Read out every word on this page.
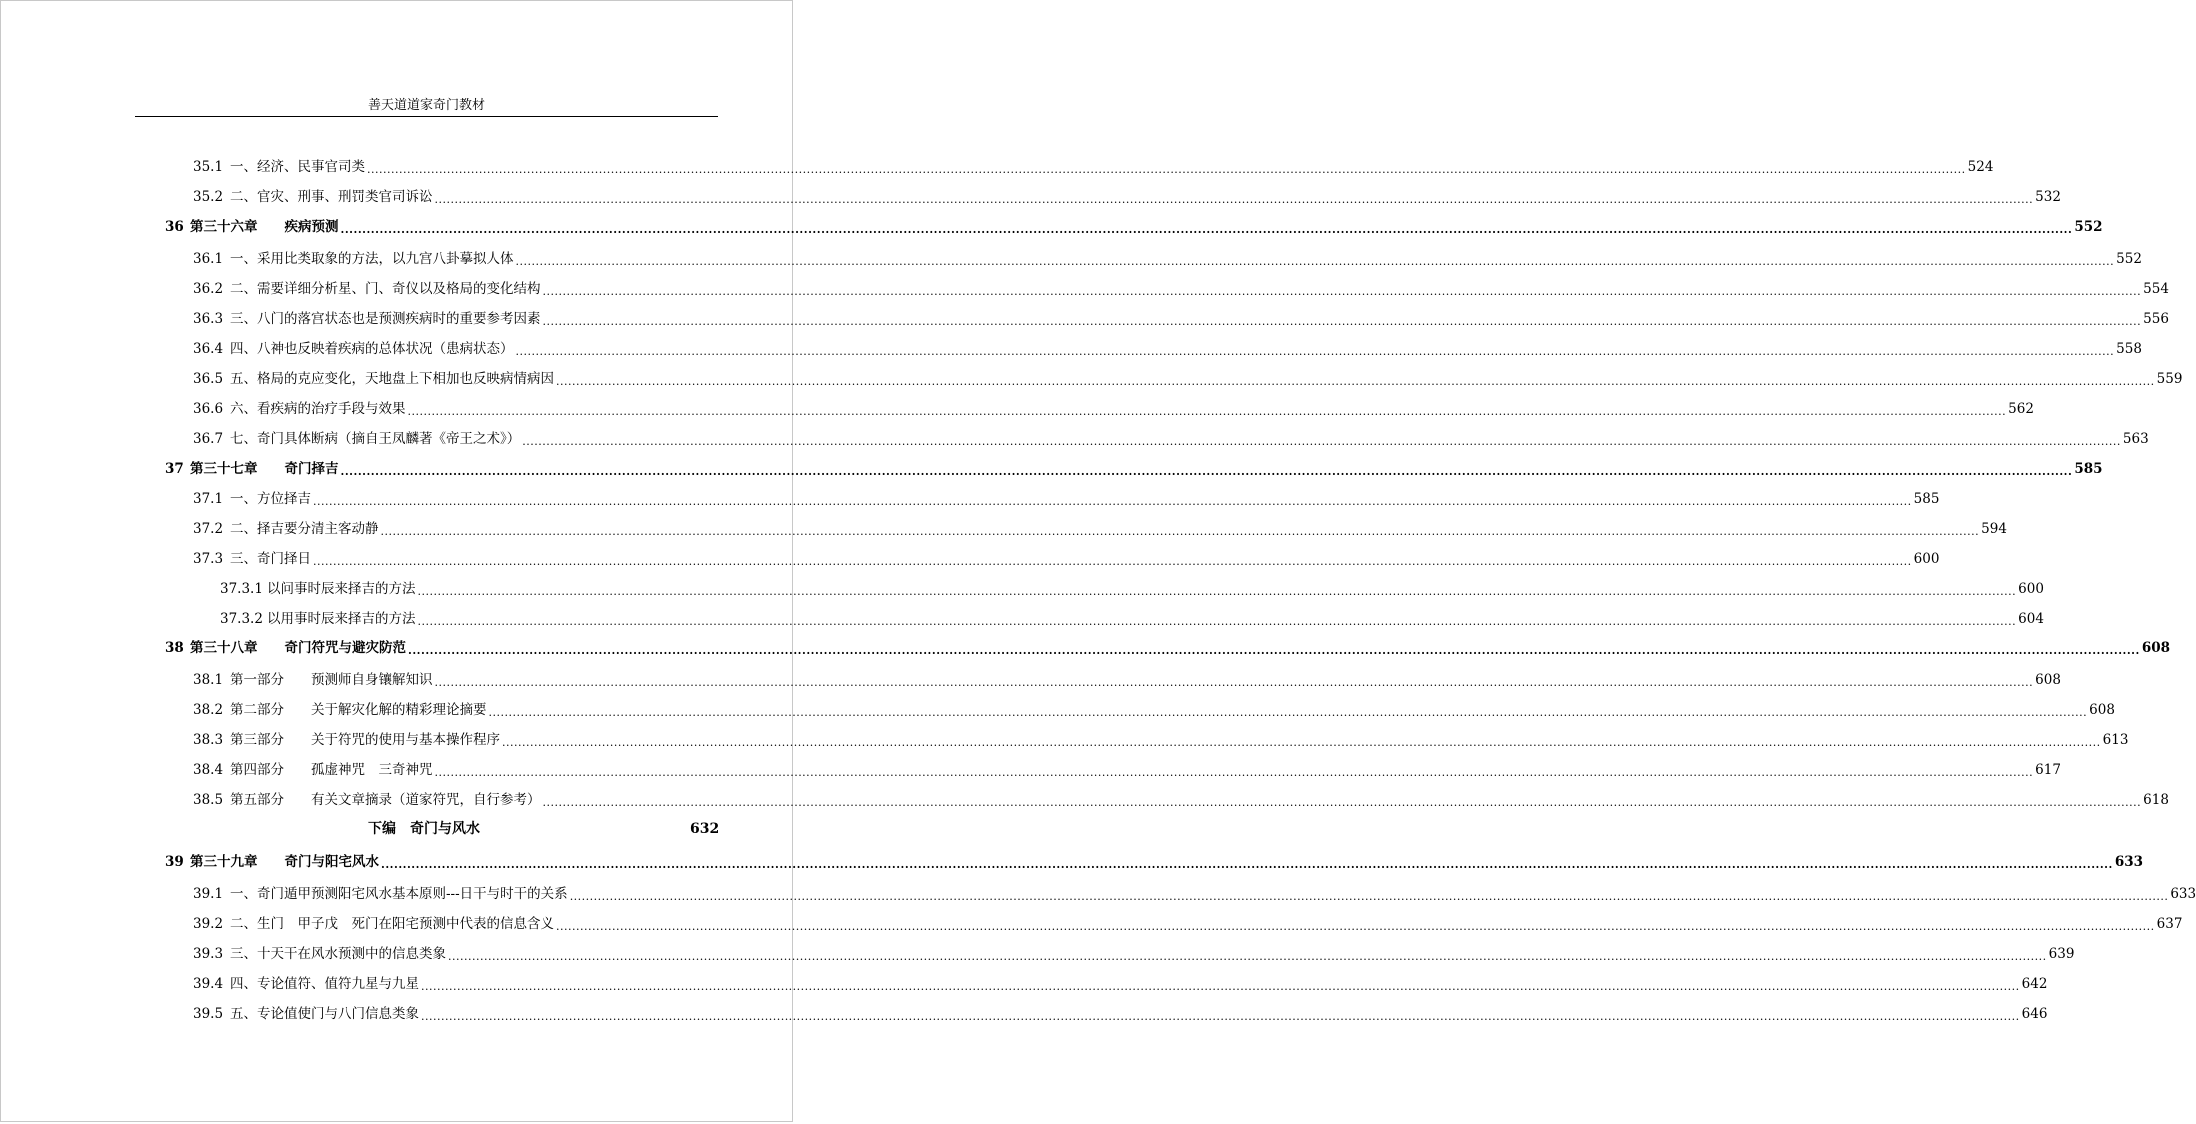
善天道道家奇门教材
35.1 一、经济、民事官司类 ................................................................................................................................................................................................................................................................................................................................................................................................................ 524
35.2 二、官灾、刑事、刑罚类官司诉讼 ................................................................................................................................................................................................................................................................................................................................................................................................................ 532
36 第三十六章　　疾病预测 ................................................................................................................................................................................................................................................................................................................................................................................................................ 552
36.1 一、采用比类取象的方法，以九宫八卦摹拟人体 ................................................................................................................................................................................................................................................................................................................................................................................................................ 552
36.2 二、需要详细分析星、门、奇仪以及格局的变化结构 ................................................................................................................................................................................................................................................................................................................................................................................................................ 554
36.3 三、八门的落宫状态也是预测疾病时的重要参考因素 ................................................................................................................................................................................................................................................................................................................................................................................................................ 556
36.4 四、八神也反映着疾病的总体状况（患病状态） ................................................................................................................................................................................................................................................................................................................................................................................................................ 558
36.5 五、格局的克应变化，天地盘上下相加也反映病情病因 ................................................................................................................................................................................................................................................................................................................................................................................................................ 559
36.6 六、看疾病的治疗手段与效果 ................................................................................................................................................................................................................................................................................................................................................................................................................ 562
36.7 七、奇门具体断病（摘自王凤麟著《帝王之术》） ................................................................................................................................................................................................................................................................................................................................................................................................................ 563
37 第三十七章　　奇门择吉 ................................................................................................................................................................................................................................................................................................................................................................................................................ 585
37.1 一、方位择吉 ................................................................................................................................................................................................................................................................................................................................................................................................................ 585
37.2 二、择吉要分清主客动静 ................................................................................................................................................................................................................................................................................................................................................................................................................ 594
37.3 三、奇门择日 ................................................................................................................................................................................................................................................................................................................................................................................................................ 600
37.3.1 以问事时辰来择吉的方法 ................................................................................................................................................................................................................................................................................................................................................................................................................ 600
37.3.2 以用事时辰来择吉的方法 ................................................................................................................................................................................................................................................................................................................................................................................................................ 604
38 第三十八章　　奇门符咒与避灾防范 ................................................................................................................................................................................................................................................................................................................................................................................................................ 608
38.1 第一部分　　预测师自身镶解知识 ................................................................................................................................................................................................................................................................................................................................................................................................................ 608
38.2 第二部分　　关于解灾化解的精彩理论摘要 ................................................................................................................................................................................................................................................................................................................................................................................................................ 608
38.3 第三部分　　关于符咒的使用与基本操作程序 ................................................................................................................................................................................................................................................................................................................................................................................................................ 613
38.4 第四部分　　孤虚神咒　三奇神咒 ................................................................................................................................................................................................................................................................................................................................................................................................................ 617
38.5 第五部分　　有关文章摘录（道家符咒，自行参考） ................................................................................................................................................................................................................................................................................................................................................................................................................ 618
下编　奇门与风水	632
39 第三十九章　　奇门与阳宅风水 ................................................................................................................................................................................................................................................................................................................................................................................................................ 633
39.1 一、奇门遁甲预测阳宅风水基本原则---日干与时干的关系 ................................................................................................................................................................................................................................................................................................................................................................................................................ 633
39.2 二、生门　甲子戊　死门在阳宅预测中代表的信息含义 ................................................................................................................................................................................................................................................................................................................................................................................................................ 637
39.3 三、十天干在风水预测中的信息类象 ................................................................................................................................................................................................................................................................................................................................................................................................................ 639
39.4 四、专论值符、值符九星与九星 ................................................................................................................................................................................................................................................................................................................................................................................................................ 642
39.5 五、专论值使门与八门信息类象 ................................................................................................................................................................................................................................................................................................................................................................................................................ 646
